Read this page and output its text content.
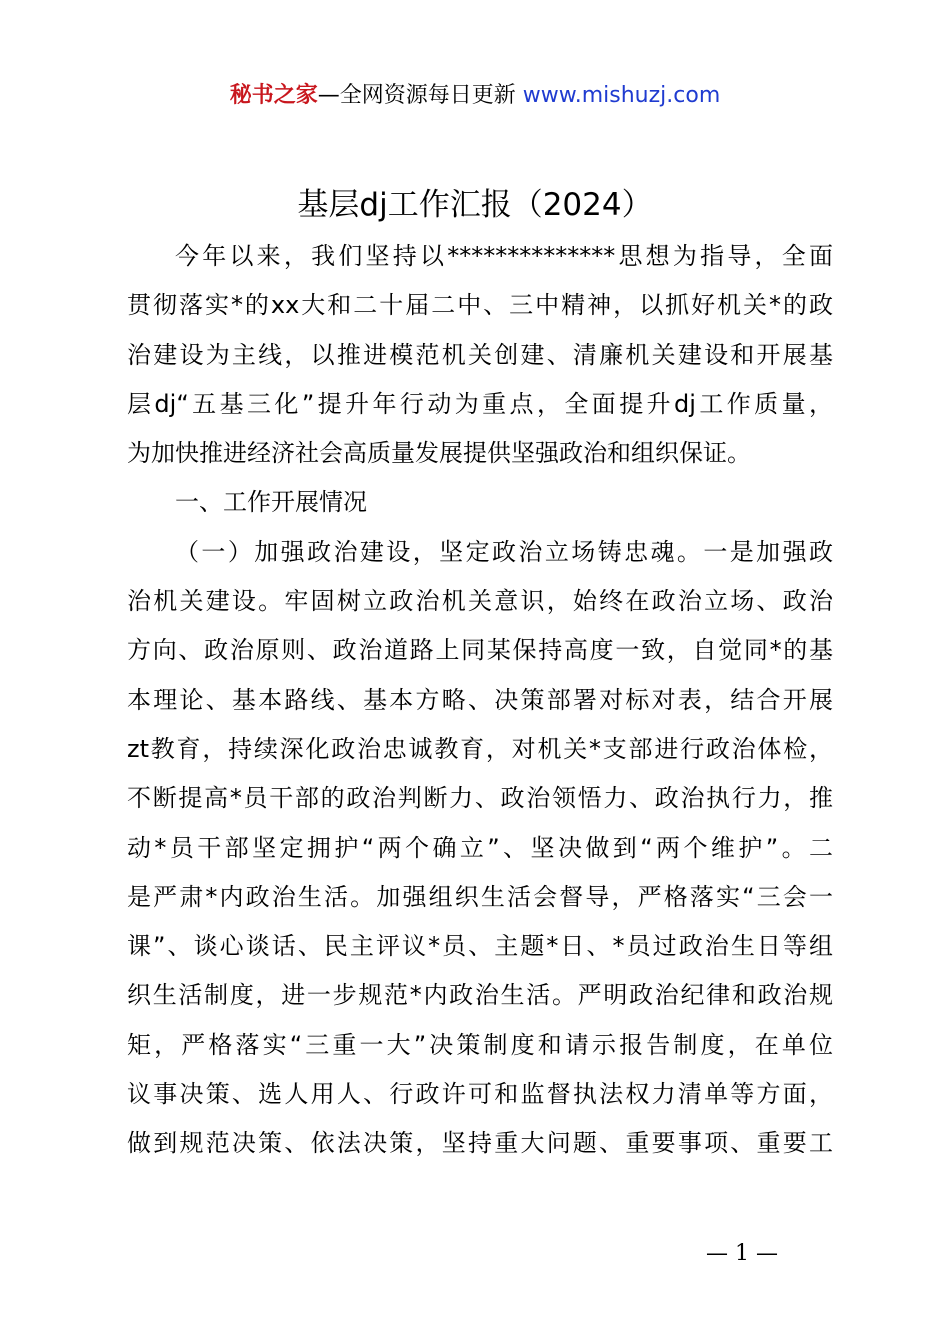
秘书之家—全网资源每日更新 www.mishuzj.com
基层dj工作汇报（2024）
今年以来，我们坚持以**************思想为指导，全面
贯彻落实*的xx大和二十届二中、三中精神，以抓好机关*的政
治建设为主线，以推进模范机关创建、清廉机关建设和开展基
层dj“五基三化”提升年行动为重点，全面提升dj工作质量，
为加快推进经济社会高质量发展提供坚强政治和组织保证。
一、工作开展情况
（一）加强政治建设，坚定政治立场铸忠魂。一是加强政
治机关建设。牢固树立政治机关意识，始终在政治立场、政治
方向、政治原则、政治道路上同某保持高度一致，自觉同*的基
本理论、基本路线、基本方略、决策部署对标对表，结合开展
zt教育，持续深化政治忠诚教育，对机关*支部进行政治体检，
不断提高*员干部的政治判断力、政治领悟力、政治执行力，推
动*员干部坚定拥护“两个确立”、坚决做到“两个维护”。二
是严肃*内政治生活。加强组织生活会督导，严格落实“三会一
课”、谈心谈话、民主评议*员、主题*日、*员过政治生日等组
织生活制度，进一步规范*内政治生活。严明政治纪律和政治规
矩，严格落实“三重一大”决策制度和请示报告制度，在单位
议事决策、选人用人、行政许可和监督执法权力清单等方面，
做到规范决策、依法决策，坚持重大问题、重要事项、重要工
— 1 —
